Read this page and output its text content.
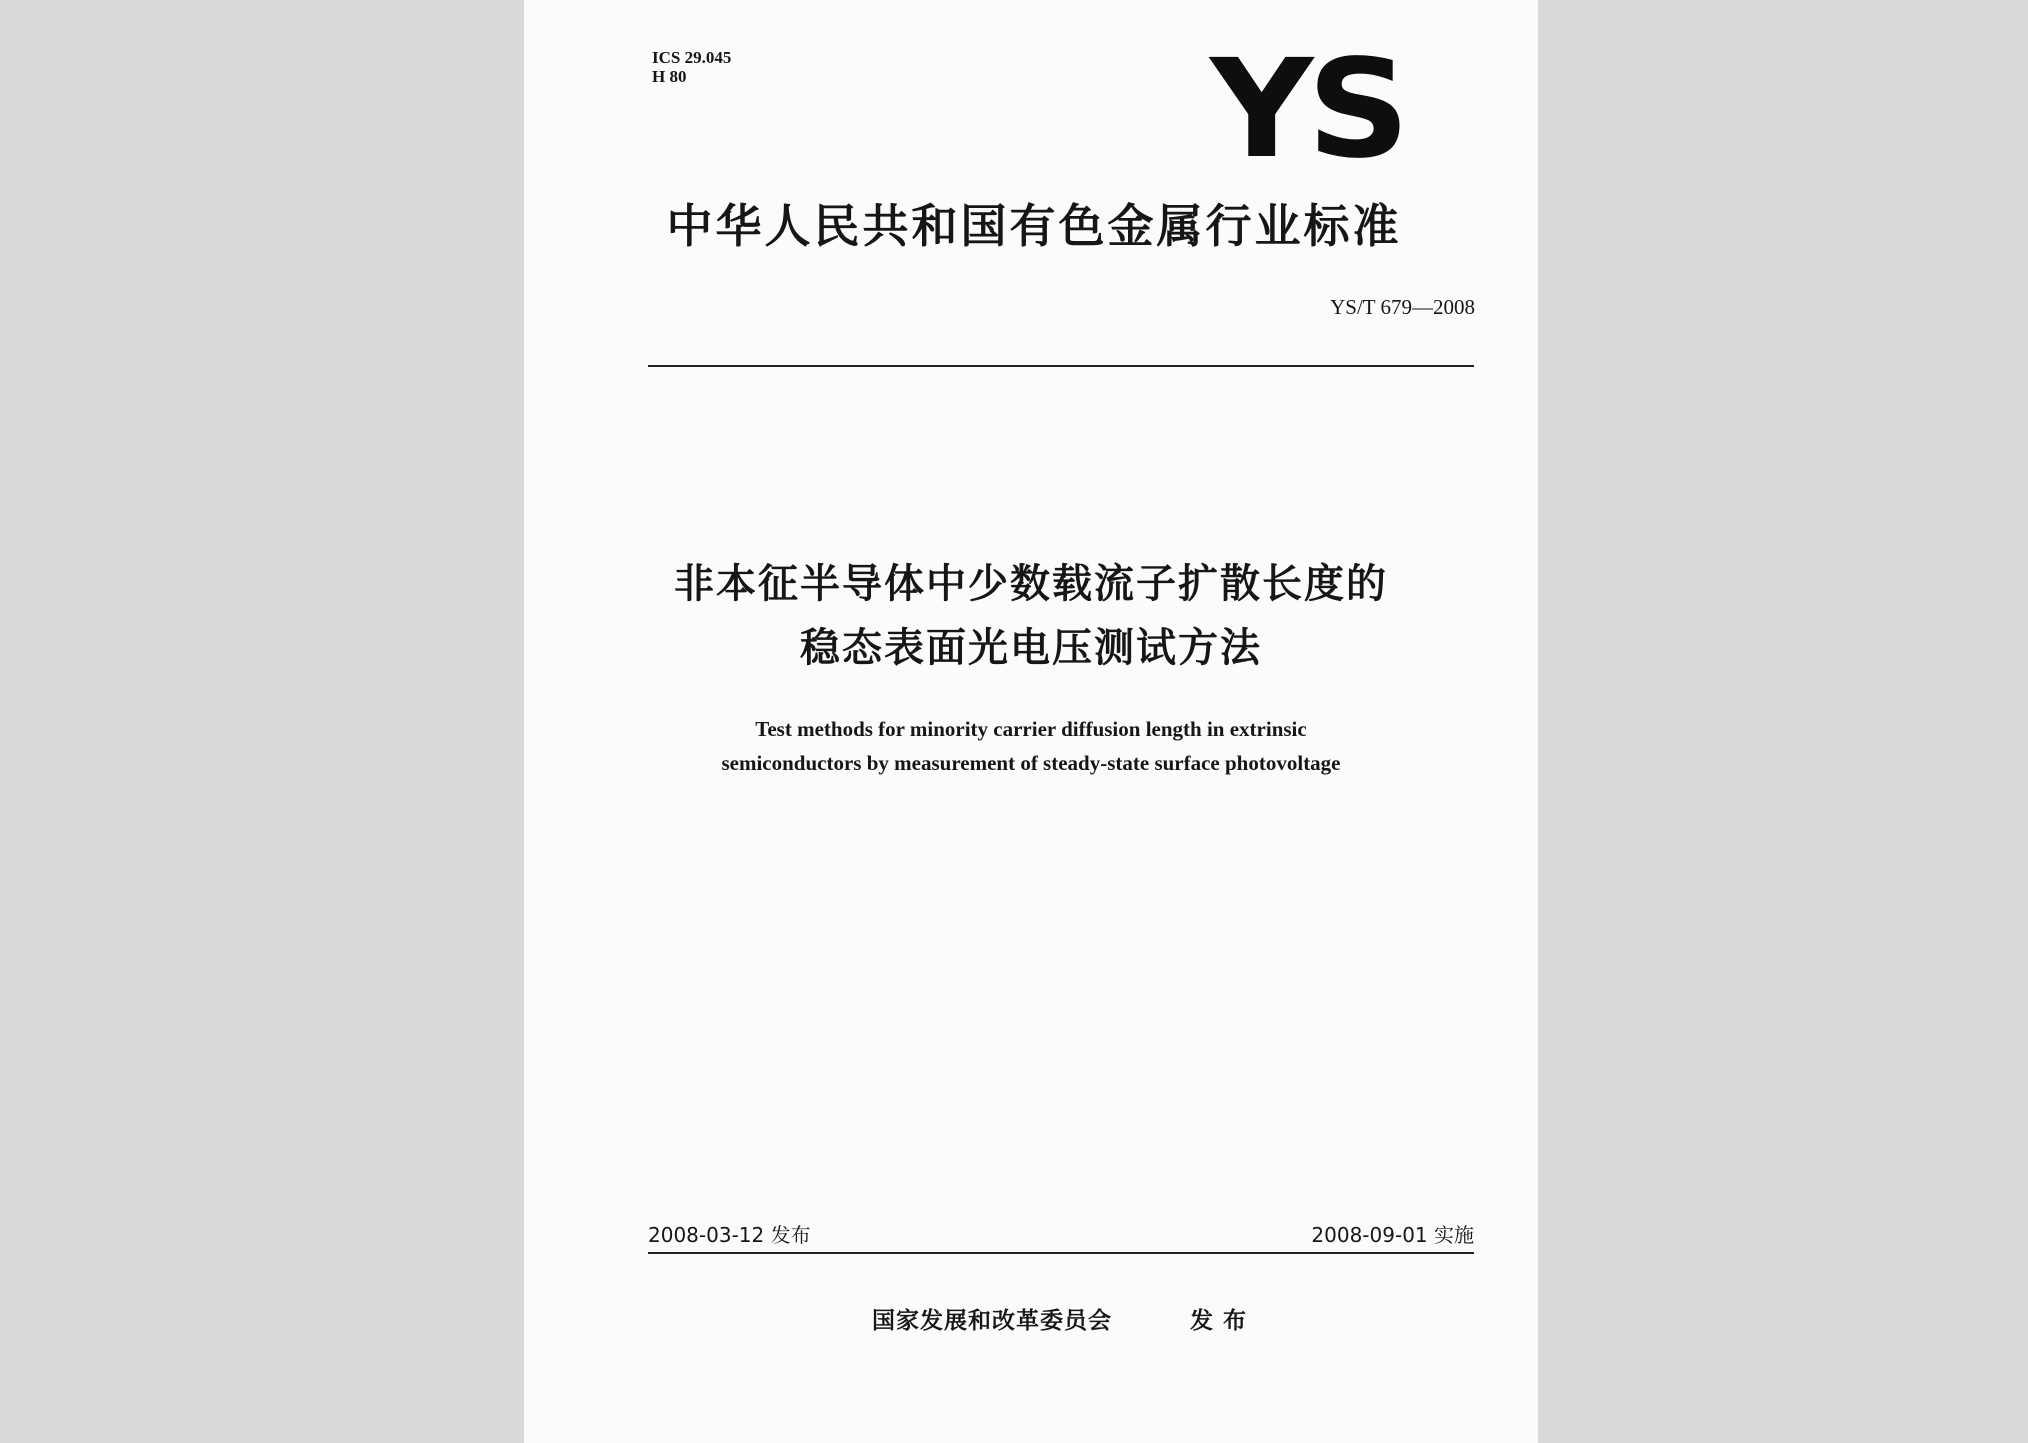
ICS 29.045
H 80	YS
中华人民共和国有色金属行业标准
YS/T 679—2008
非本征半导体中少数载流子扩散长度的
稳态表面光电压测试方法
Test methods for minority carrier diffusion length in extrinsic
semiconductors by measurement of steady-state surface photovoltage
2008-03-12 发布	2008-09-01 实施
国家发展和改革委员会	发布
